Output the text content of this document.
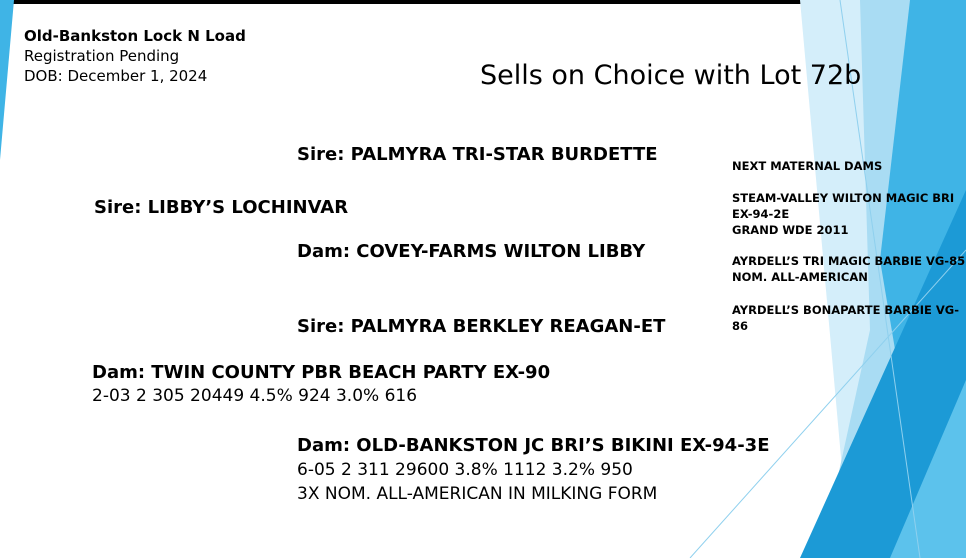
Old-Bankston Lock N Load
Registration Pending
DOB: December 1, 2024	Sells on Choice with Lot 72b
Sire: PALMYRA TRI-STAR BURDETTE
Sire: LIBBY’S LOCHINVAR
Dam: COVEY-FARMS WILTON LIBBY
Sire: PALMYRA BERKLEY REAGAN-ET
Dam: TWIN COUNTY PBR BEACH PARTY EX-90
2-03 2 305 20449 4.5% 924 3.0% 616
Dam: OLD-BANKSTON JC BRI’S BIKINI EX-94-3E
6-05 2 311 29600 3.8% 1112 3.2% 950
3X NOM. ALL-AMERICAN IN MILKING FORM
NEXT MATERNAL DAMS
STEAM-VALLEY WILTON MAGIC BRI
EX-94-2E
GRAND WDE 2011
AYRDELL’S TRI MAGIC BARBIE VG-85
NOM. ALL-AMERICAN
AYRDELL’S BONAPARTE BARBIE VG-
86
